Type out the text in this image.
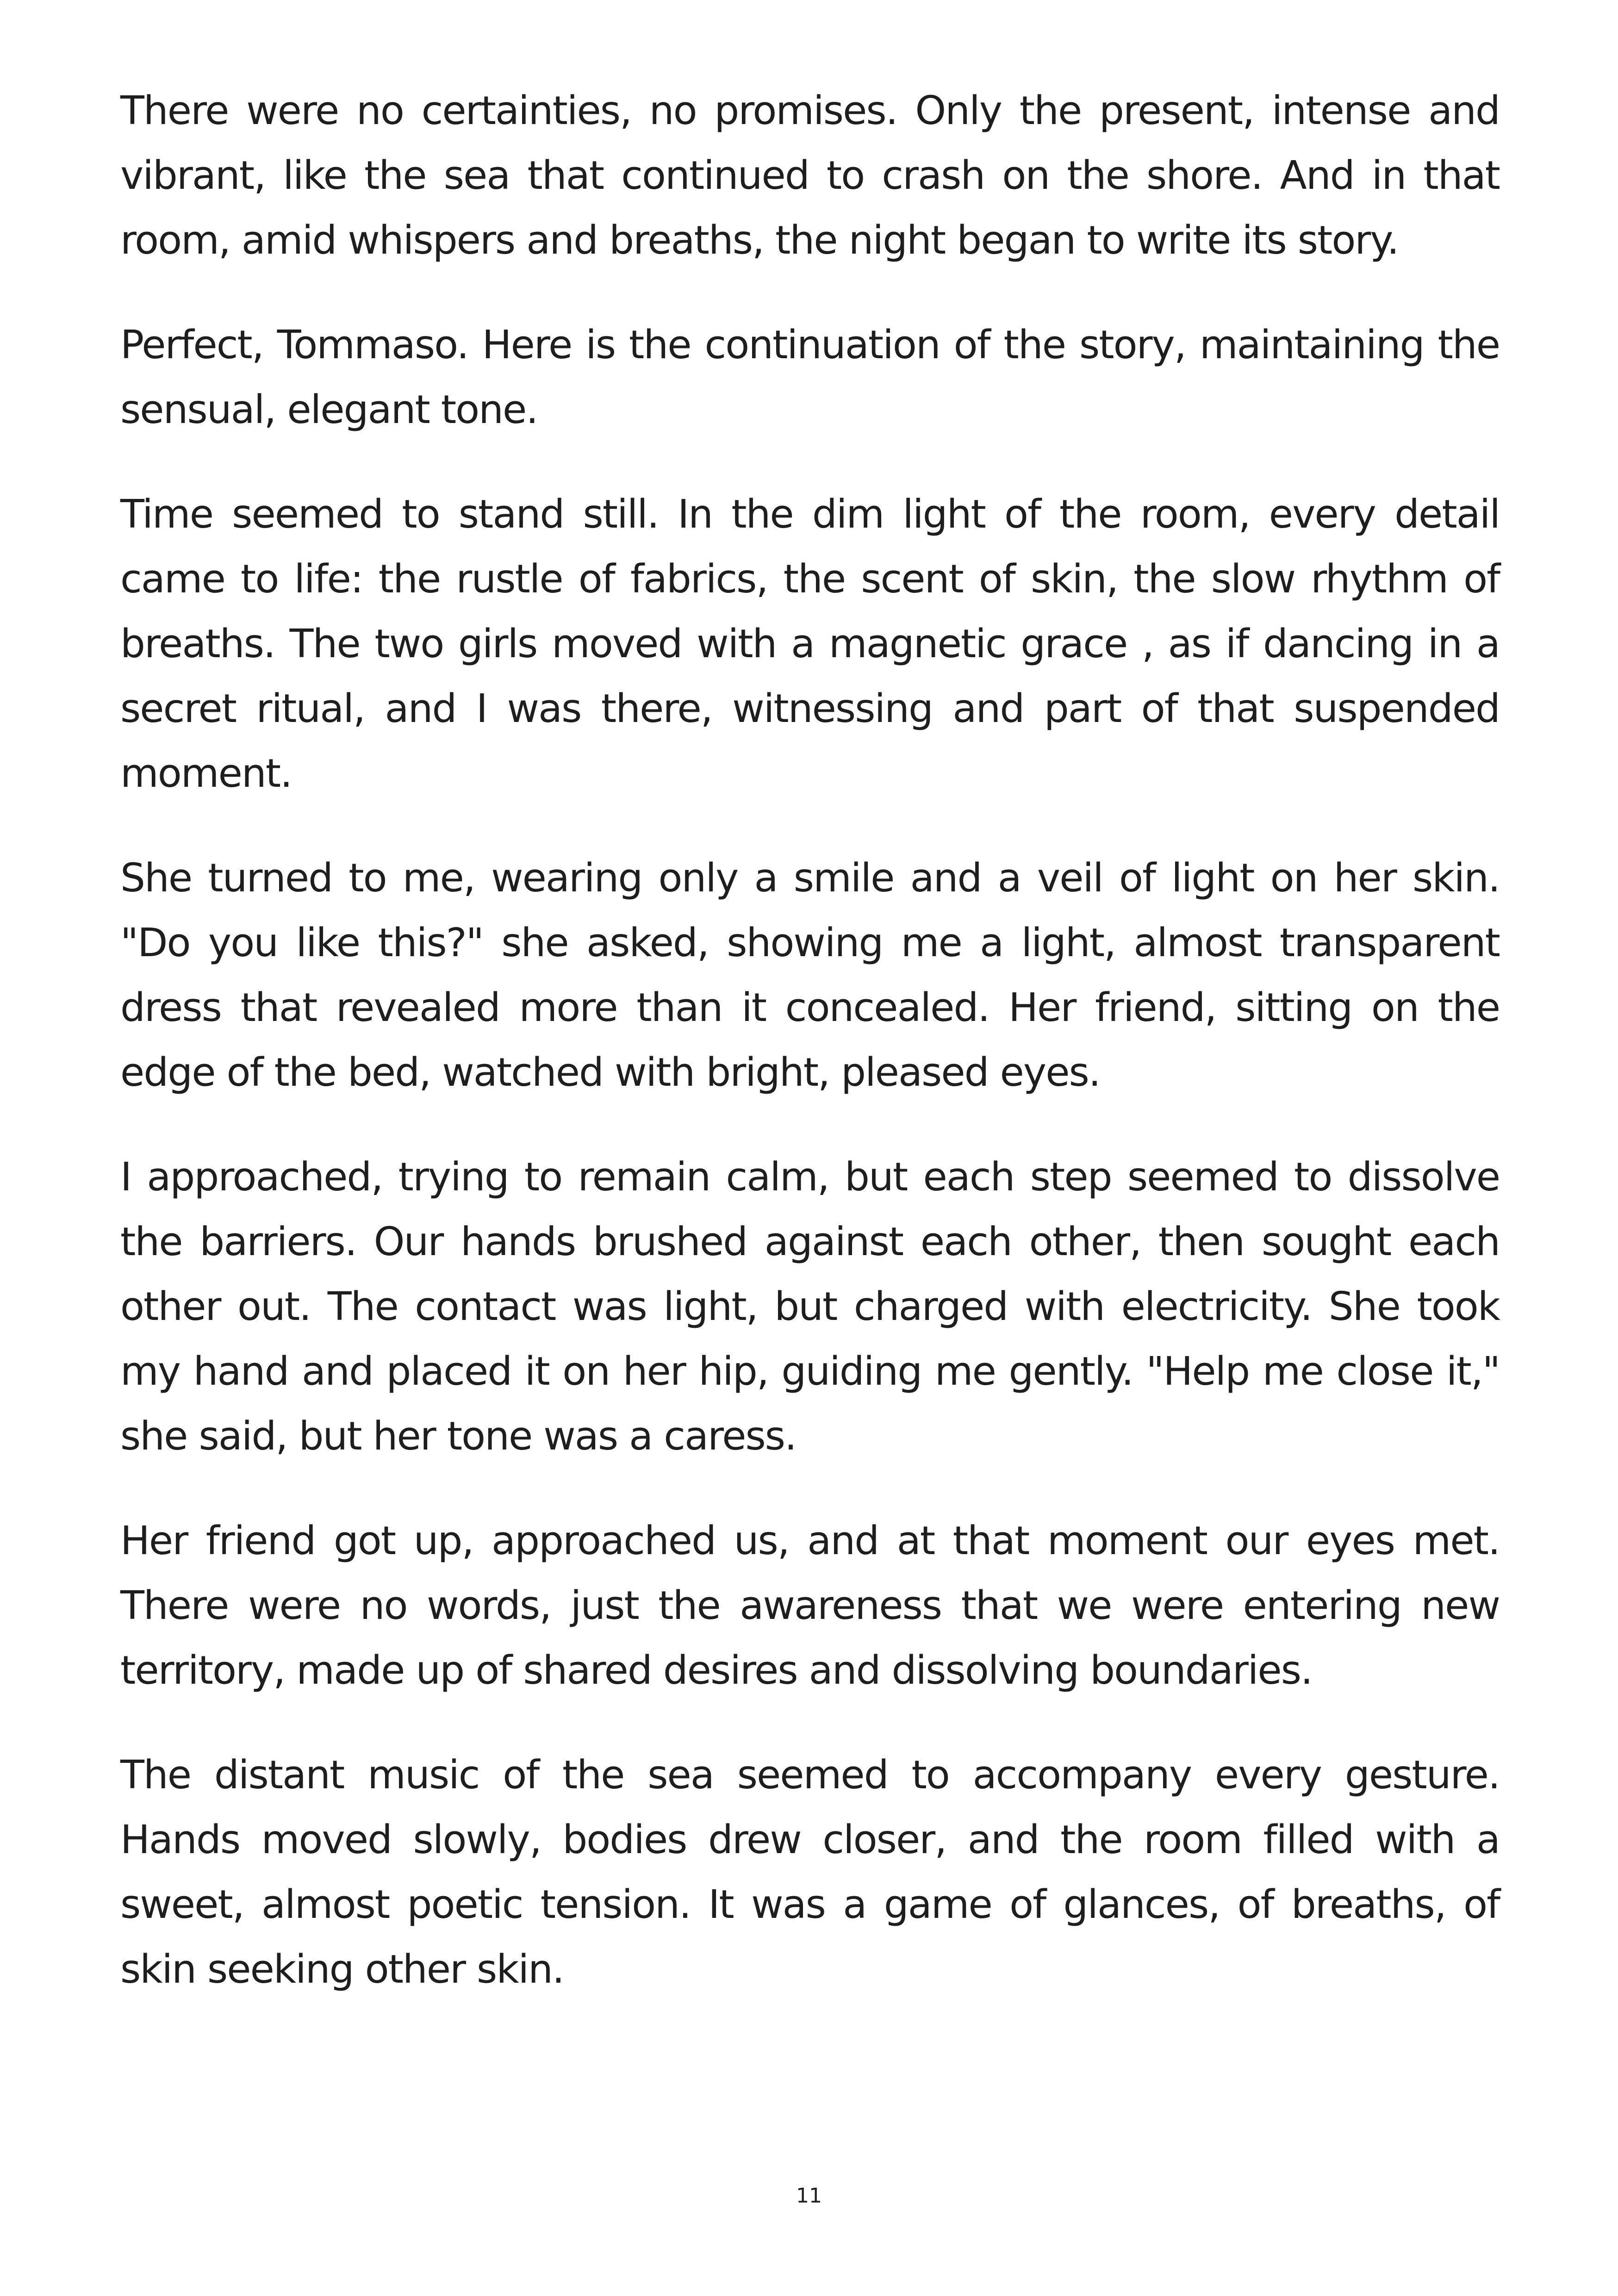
There were no certainties, no promises. Only the present, intense and vibrant, like the sea that continued to crash on the shore. And in that room, amid whispers and breaths, the night began to write its story.

Perfect, Tommaso. Here is the continuation of the story, maintaining the sensual, elegant tone.

Time seemed to stand still. In the dim light of the room, every detail came to life: the rustle of fabrics, the scent of skin, the slow rhythm of breaths. The two girls moved with a magnetic grace , as if dancing in a secret ritual, and I was there, witnessing and part of that suspended moment.

She turned to me, wearing only a smile and a veil of light on her skin. "Do you like this?" she asked, showing me a light, almost transparent dress that revealed more than it concealed. Her friend, sitting on the edge of the bed, watched with bright, pleased eyes.

I approached, trying to remain calm, but each step seemed to dissolve the barriers. Our hands brushed against each other, then sought each other out. The contact was light, but charged with electricity. She took my hand and placed it on her hip, guiding me gently. "Help me close it," she said, but her tone was a caress.

Her friend got up, approached us, and at that moment our eyes met. There were no words, just the awareness that we were entering new territory, made up of shared desires and dissolving boundaries.

The distant music of the sea seemed to accompany every gesture. Hands moved slowly, bodies drew closer, and the room filled with a sweet, almost poetic tension. It was a game of glances, of breaths, of skin seeking other skin.

11
